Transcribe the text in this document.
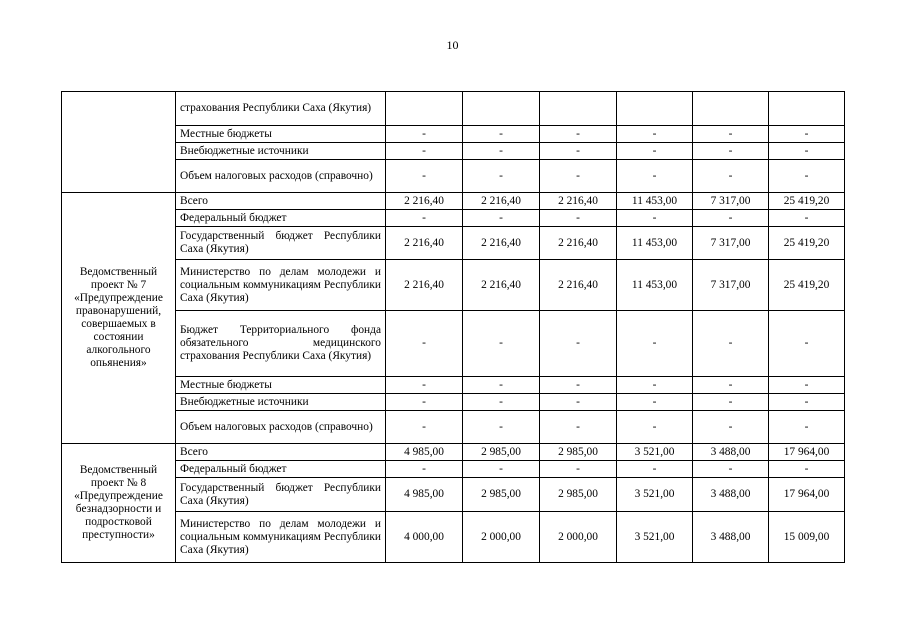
10
	страхования Республики Саха (Якутия)						
	Местные бюджеты	-	-	-	-	-	-
	Внебюджетные источники	-	-	-	-	-	-
	Объем налоговых расходов (справочно)	-	-	-	-	-	-
Ведомственный проект № 7 «Предупреждение правонарушений, совершаемых в состоянии алкогольного опьянения»	Всего	2 216,40	2 216,40	2 216,40	11 453,00	7 317,00	25 419,20
	Федеральный бюджет	-	-	-	-	-	-
	Государственный бюджет Республики Саха (Якутия)	2 216,40	2 216,40	2 216,40	11 453,00	7 317,00	25 419,20
	Министерство по делам молодежи и социальным коммуникациям Республики Саха (Якутия)	2 216,40	2 216,40	2 216,40	11 453,00	7 317,00	25 419,20
	Бюджет Территориального фонда обязательного медицинского страхования Республики Саха (Якутия)	-	-	-	-	-	-
	Местные бюджеты	-	-	-	-	-	-
	Внебюджетные источники	-	-	-	-	-	-
	Объем налоговых расходов (справочно)	-	-	-	-	-	-
Ведомственный проект № 8 «Предупреждение безнадзорности и подростковой преступности»	Всего	4 985,00	2 985,00	2 985,00	3 521,00	3 488,00	17 964,00
	Федеральный бюджет	-	-	-	-	-	-
	Государственный бюджет Республики Саха (Якутия)	4 985,00	2 985,00	2 985,00	3 521,00	3 488,00	17 964,00
	Министерство по делам молодежи и социальным коммуникациям Республики Саха (Якутия)	4 000,00	2 000,00	2 000,00	3 521,00	3 488,00	15 009,00
